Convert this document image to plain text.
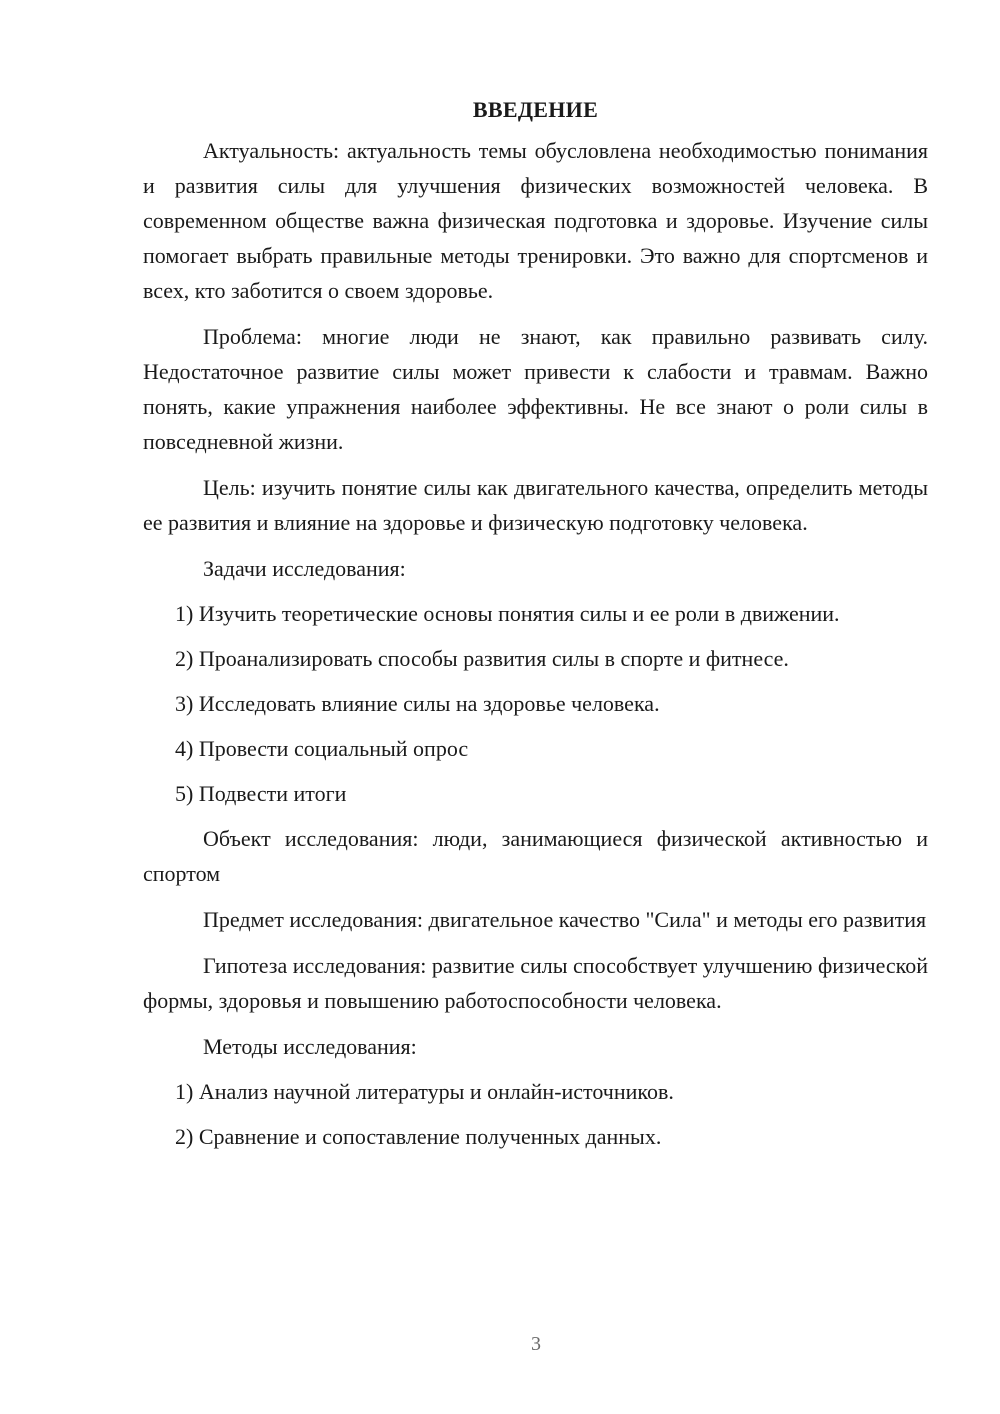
ВВЕДЕНИЕ

Актуальность: актуальность темы обусловлена необходимостью понимания и развития силы для улучшения физических возможностей человека. В современном обществе важна физическая подготовка и здоровье. Изучение силы помогает выбрать правильные методы тренировки. Это важно для спортсменов и всех, кто заботится о своем здоровье.

Проблема: многие люди не знают, как правильно развивать силу. Недостаточное развитие силы может привести к слабости и травмам. Важно понять, какие упражнения наиболее эффективны. Не все знают о роли силы в повседневной жизни.

Цель: изучить понятие силы как двигательного качества, определить методы ее развития и влияние на здоровье и физическую подготовку человека.

Задачи исследования:

1) Изучить теоретические основы понятия силы и ее роли в движении.
2) Проанализировать способы развития силы в спорте и фитнесе.
3) Исследовать влияние силы на здоровье человека.
4) Провести социальный опрос
5) Подвести итоги

Объект исследования: люди, занимающиеся физической активностью и спортом

Предмет исследования: двигательное качество "Сила" и методы его развития

Гипотеза исследования: развитие силы способствует улучшению физической формы, здоровья и повышению работоспособности человека.

Методы исследования:

1) Анализ научной литературы и онлайн-источников.
2) Сравнение и сопоставление полученных данных.
3
